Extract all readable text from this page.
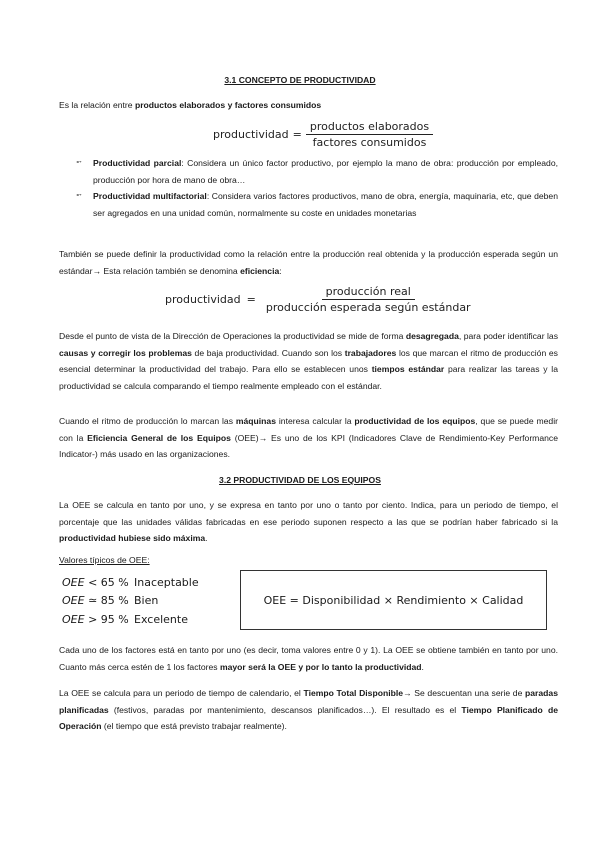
3.1 CONCEPTO DE PRODUCTIVIDAD

Es la relación entre productos elaborados y factores consumidos

productividad = $\frac{\text{productos elaborados}}{\text{factores consumidos}}$
➵ Productividad parcial: Considera un único factor productivo, por ejemplo la mano de obra: producción por empleado, producción por hora de mano de obra…
➵ Productividad multifactorial: Considera varios factores productivos, mano de obra, energía, maquinaria, etc, que deben ser agregados en una unidad común, normalmente su coste en unidades monetarias

También se puede definir la productividad como la relación entre la producción real obtenida y la producción esperada según un estándar→ Esta relación también se denomina eficiencia:

productividad = $\frac{\text{producción real}}{\text{producción esperada según estándar}}$

Desde el punto de vista de la Dirección de Operaciones la productividad se mide de forma desagregada, para poder identificar las causas y corregir los problemas de baja productividad. Cuando son los trabajadores los que marcan el ritmo de producción es esencial determinar la productividad del trabajo. Para ello se establecen unos tiempos estándar para realizar las tareas y la productividad se calcula comparando el tiempo realmente empleado con el estándar.

Cuando el ritmo de producción lo marcan las máquinas interesa calcular la productividad de los equipos, que se puede medir con la Eficiencia General de los Equipos (OEE)→ Es uno de los KPI (Indicadores Clave de Rendimiento-Key Performance Indicator-) más usado en las organizaciones.

3.2 PRODUCTIVIDAD DE LOS EQUIPOS

La OEE se calcula en tanto por uno, y se expresa en tanto por uno o tanto por ciento. Indica, para un periodo de tiempo, el porcentaje que las unidades válidas fabricadas en ese periodo suponen respecto a las que se podrían haber fabricado si la productividad hubiese sido máxima.

Valores típicos de OEE:

OEE < 65 % Inaceptable
OEE ≃ 85 % Bien
OEE > 95 % Excelente
OEE = Disponibilidad × Rendimiento × Calidad

Cada uno de los factores está en tanto por uno (es decir, toma valores entre 0 y 1). La OEE se obtiene también en tanto por uno. Cuanto más cerca estén de 1 los factores mayor será la OEE y por lo tanto la productividad.

La OEE se calcula para un periodo de tiempo de calendario, el Tiempo Total Disponible→ Se descuentan una serie de paradas planificadas (festivos, paradas por mantenimiento, descansos planificados…). El resultado es el Tiempo Planificado de Operación (el tiempo que está previsto trabajar realmente).
